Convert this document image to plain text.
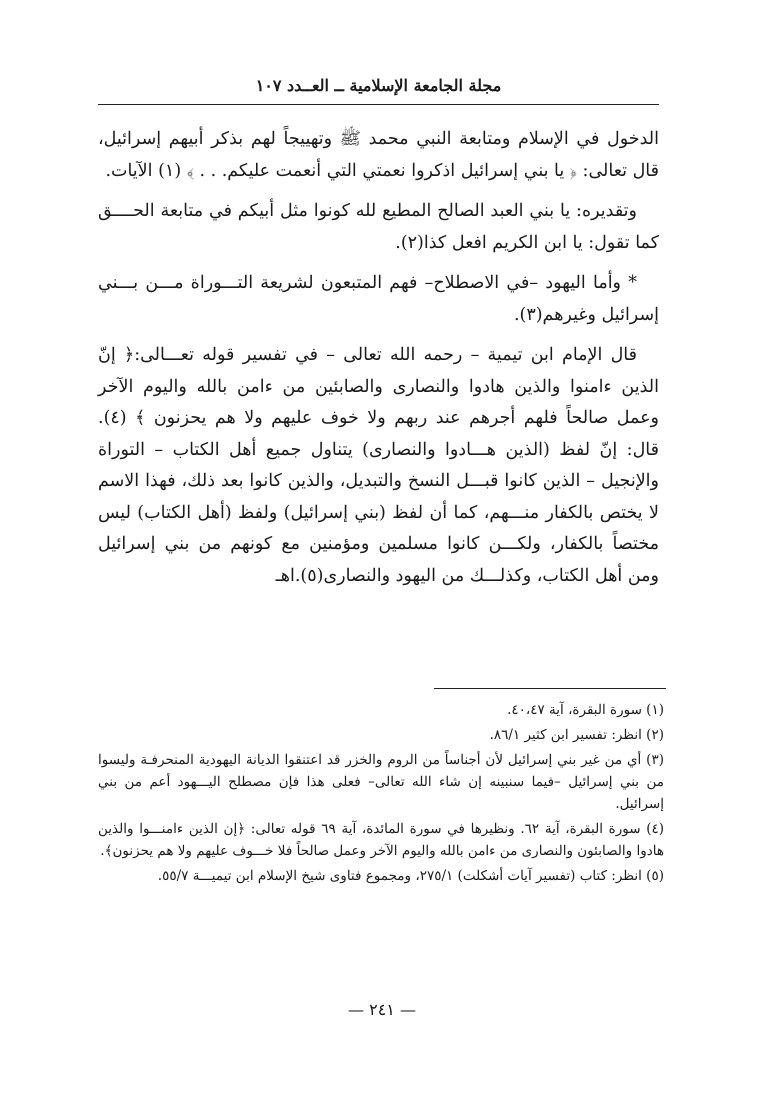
مجلة الجامعة الإسلامية ــ العــدد ١٠٧

الدخول في الإسلام ومتابعة النبي محمد ﷺ وتهييجاً لهم بذكر أبيهم إسرائيل، قال تعالى: ﴿ يا بني إسرائيل اذكروا نعمتي التي أنعمت عليكم. . . ﴾ (١) الآيات.

وتقديره: يا بني العبد الصالح المطيع لله كونوا مثل أبيكم في متابعة الحــــق كما تقول: يا ابن الكريم افعل كذا(٢).

* وأما اليهود –في الاصطلاح– فهم المتبعون لشريعة التـــوراة مـــن بـــني إسرائيل وغيرهم(٣).

قال الإمام ابن تيمية – رحمه الله تعالى – في تفسير قوله تعـــالى:﴿ إنّ الذين ءامنوا والذين هادوا والنصارى والصابئين من ءامن بالله واليوم الآخر وعمل صالحاً فلهم أجرهم عند ربهم ولا خوف عليهم ولا هم يحزنون ﴾ (٤). قال: إنّ لفظ (الذين هـــادوا والنصارى) يتناول جميع أهل الكتاب – التوراة والإنجيل – الذين كانوا قبـــل النسخ والتبديل، والذين كانوا بعد ذلك، فهذا الاسم لا يختص بالكفار منـــهم، كما أن لفظ (بني إسرائيل) ولفظ (أهل الكتاب) ليس مختصاً بالكفار، ولكـــن كانوا مسلمين ومؤمنين مع كونهم من بني إسرائيل ومن أهل الكتاب، وكذلـــك من اليهود والنصارى(٥).اهـ

(١) سورة البقرة، آية ٤٠،٤٧.

(٢) انظر: تفسير ابن كثير ٨٦/١.

(٣) أي من غير بني إسرائيل لأن أجناساً من الروم والخزر قد اعتنقوا الديانة اليهودية المنحرفـة وليسوا من بني إسرائيل –فيما سنبينه إن شاء الله تعالى– فعلى هذا فإن مصطلح اليـــهود أعم من بني إسرائيل.

(٤) سورة البقرة، آية ٦٢. ونظيرها في سورة المائدة، آية ٦٩ قوله تعالى: ﴿إن الذين ءامنـــوا والذين هادوا والصابئون والنصارى من ءامن بالله واليوم الآخر وعمل صالحاً فلا خـــوف عليهم ولا هم يحزنون﴾.

(٥) انظر: كتاب (تفسير آيات أشكلت) ٢٧٥/١، ومجموع فتاوى شيخ الإسلام ابن تيميـــة ٥٥/٧.

— ٢٤١ —
